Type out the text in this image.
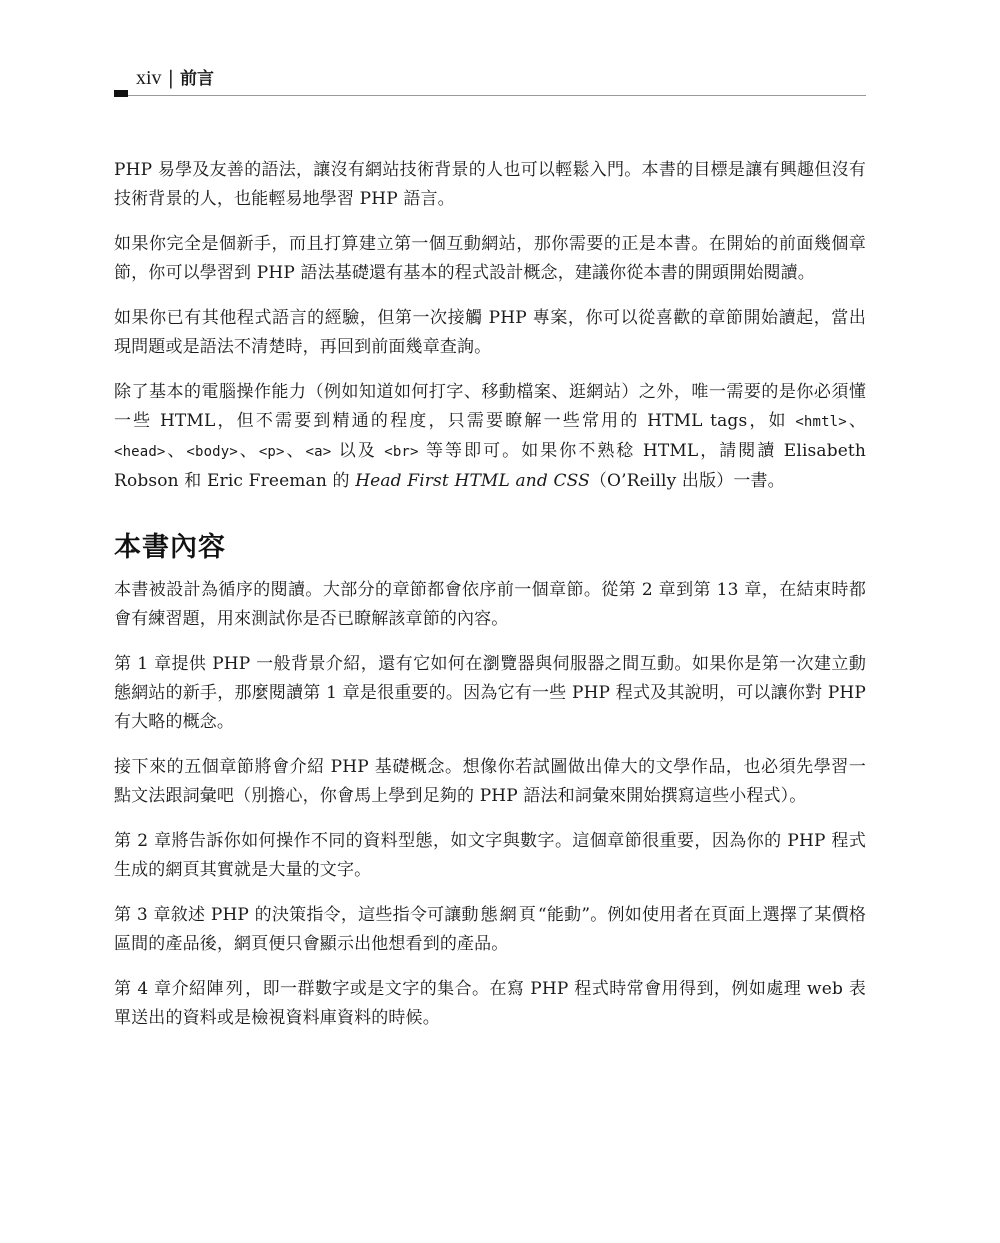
xiv | 前言

PHP 易學及友善的語法，讓沒有網站技術背景的人也可以輕鬆入門。本書的目標是讓有興趣但沒有技術背景的人，也能輕易地學習 PHP 語言。

如果你完全是個新手，而且打算建立第一個互動網站，那你需要的正是本書。在開始的前面幾個章節，你可以學習到 PHP 語法基礎還有基本的程式設計概念，建議你從本書的開頭開始閱讀。

如果你已有其他程式語言的經驗，但第一次接觸 PHP 專案，你可以從喜歡的章節開始讀起，當出現問題或是語法不清楚時，再回到前面幾章查詢。

除了基本的電腦操作能力（例如知道如何打字、移動檔案、逛網站）之外，唯一需要的是你必須懂一些 HTML，但不需要到精通的程度，只需要瞭解一些常用的 HTML tags，如 <hmtl>、<head>、<body>、<p>、<a> 以及 <br> 等等即可。如果你不熟稔 HTML，請閱讀 Elisabeth Robson 和 Eric Freeman 的 Head First HTML and CSS（O’Reilly 出版）一書。

本書內容

本書被設計為循序的閱讀。大部分的章節都會依序前一個章節。從第 2 章到第 13 章，在結束時都會有練習題，用來測試你是否已瞭解該章節的內容。

第 1 章提供 PHP 一般背景介紹，還有它如何在瀏覽器與伺服器之間互動。如果你是第一次建立動態網站的新手，那麼閱讀第 1 章是很重要的。因為它有一些 PHP 程式及其說明，可以讓你對 PHP 有大略的概念。

接下來的五個章節將會介紹 PHP 基礎概念。想像你若試圖做出偉大的文學作品，也必須先學習一點文法跟詞彙吧（別擔心，你會馬上學到足夠的 PHP 語法和詞彙來開始撰寫這些小程式）。

第 2 章將告訴你如何操作不同的資料型態，如文字與數字。這個章節很重要，因為你的 PHP 程式生成的網頁其實就是大量的文字。

第 3 章敘述 PHP 的決策指令，這些指令可讓動態網頁“能動”。例如使用者在頁面上選擇了某價格區間的產品後，網頁便只會顯示出他想看到的產品。

第 4 章介紹陣列，即一群數字或是文字的集合。在寫 PHP 程式時常會用得到，例如處理 web 表單送出的資料或是檢視資料庫資料的時候。
